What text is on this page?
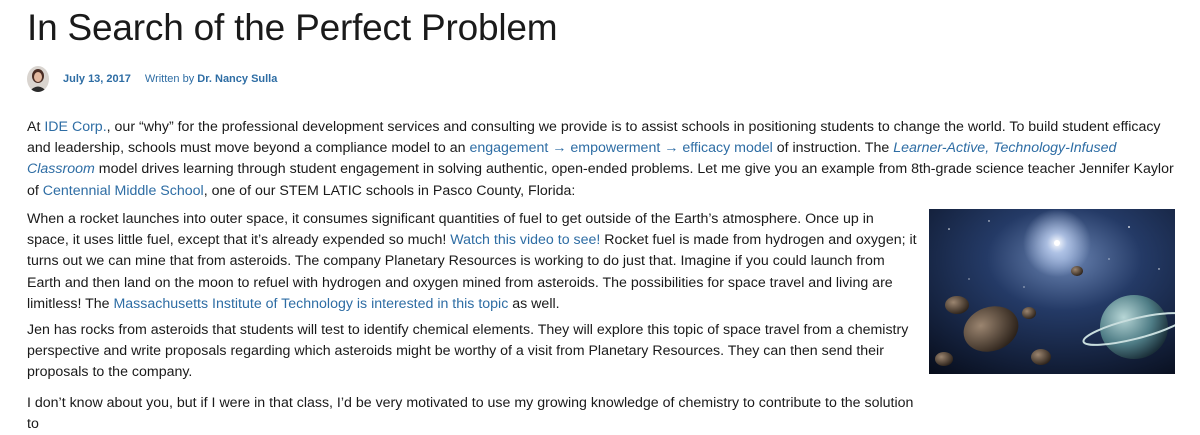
In Search of the Perfect Problem
July 13, 2017 Written by
Dr. Nancy Sulla

At IDE Corp., our “why” for the professional development services and consulting we provide is to assist schools in positioning students to change the world. To build student efficacy and leadership, schools must move beyond a compliance model to an engagement → empowerment → efficacy model of instruction. The Learner-Active, Technology-Infused Classroom model drives learning through student engagement in solving authentic, open-ended problems. Let me give you an example from 8th-grade science teacher Jennifer Kaylor of Centennial Middle School, one of our STEM LATIC schools in Pasco County, Florida:

When a rocket launches into outer space, it consumes significant quantities of fuel to get outside of the Earth’s atmosphere. Once up in space, it uses little fuel, except that it’s already expended so much! Watch this video to see! Rocket fuel is made from hydrogen and oxygen; it turns out we can mine that from asteroids. The company Planetary Resources is working to do just that. Imagine if you could launch from Earth and then land on the moon to refuel with hydrogen and oxygen mined from asteroids. The possibilities for space travel and living are limitless! The Massachusetts Institute of Technology is interested in this topic as well.

Jen has rocks from asteroids that students will test to identify chemical elements. They will explore this topic of space travel from a chemistry perspective and write proposals regarding which asteroids might be worthy of a visit from Planetary Resources. They can then send their proposals to the company.

I don’t know about you, but if I were in that class, I’d be very motivated to use my growing knowledge of chemistry to contribute to the solution to
